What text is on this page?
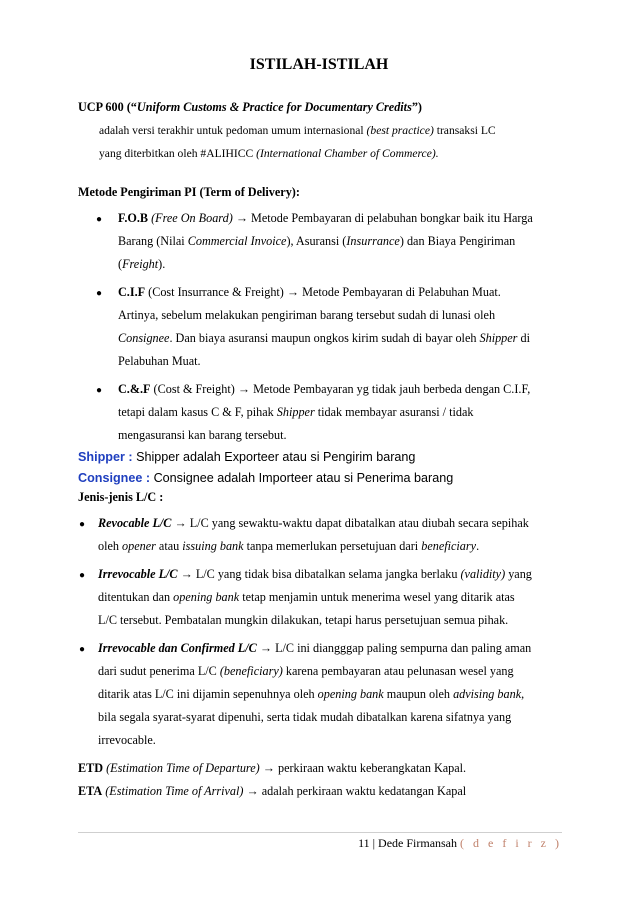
ISTILAH-ISTILAH
UCP 600 (“Uniform Customs & Practice for Documentary Credits”)
adalah versi terakhir untuk pedoman umum internasional (best practice) transaksi LC
yang diterbitkan oleh #ALIHICC (International Chamber of Commerce).
Metode Pengiriman PI (Term of Delivery):
● F.O.B (Free On Board) → Metode Pembayaran di pelabuhan bongkar baik itu Harga
Barang (Nilai Commercial Invoice), Asuransi (Insurrance) dan Biaya Pengiriman
(Freight).
● C.I.F (Cost Insurrance & Freight) → Metode Pembayaran di Pelabuhan Muat.
Artinya, sebelum melakukan pengiriman barang tersebut sudah di lunasi oleh
Consignee. Dan biaya asuransi maupun ongkos kirim sudah di bayar oleh Shipper di
Pelabuhan Muat.
● C.&.F (Cost & Freight) → Metode Pembayaran yg tidak jauh berbeda dengan C.I.F,
tetapi dalam kasus C & F, pihak Shipper tidak membayar asuransi / tidak
mengasuransi kan barang tersebut.
Shipper : Shipper adalah Exporteer atau si Pengirim barang
Consignee : Consignee adalah Importeer atau si Penerima barang
Jenis-jenis L/C :
● Revocable L/C → L/C yang sewaktu-waktu dapat dibatalkan atau diubah secara sepihak
oleh opener atau issuing bank tanpa memerlukan persetujuan dari beneficiary.
● Irrevocable L/C → L/C yang tidak bisa dibatalkan selama jangka berlaku (validity) yang
ditentukan dan opening bank tetap menjamin untuk menerima wesel yang ditarik atas
L/C tersebut. Pembatalan mungkin dilakukan, tetapi harus persetujuan semua pihak.
● Irrevocable dan Confirmed L/C → L/C ini diangggap paling sempurna dan paling aman
dari sudut penerima L/C (beneficiary) karena pembayaran atau pelunasan wesel yang
ditarik atas L/C ini dijamin sepenuhnya oleh opening bank maupun oleh advising bank,
bila segala syarat-syarat dipenuhi, serta tidak mudah dibatalkan karena sifatnya yang
irrevocable.
ETD (Estimation Time of Departure) → perkiraan waktu keberangkatan Kapal.
ETA (Estimation Time of Arrival) → adalah perkiraan waktu kedatangan Kapal
11 | Dede Firmansah ( d e f i r z )
